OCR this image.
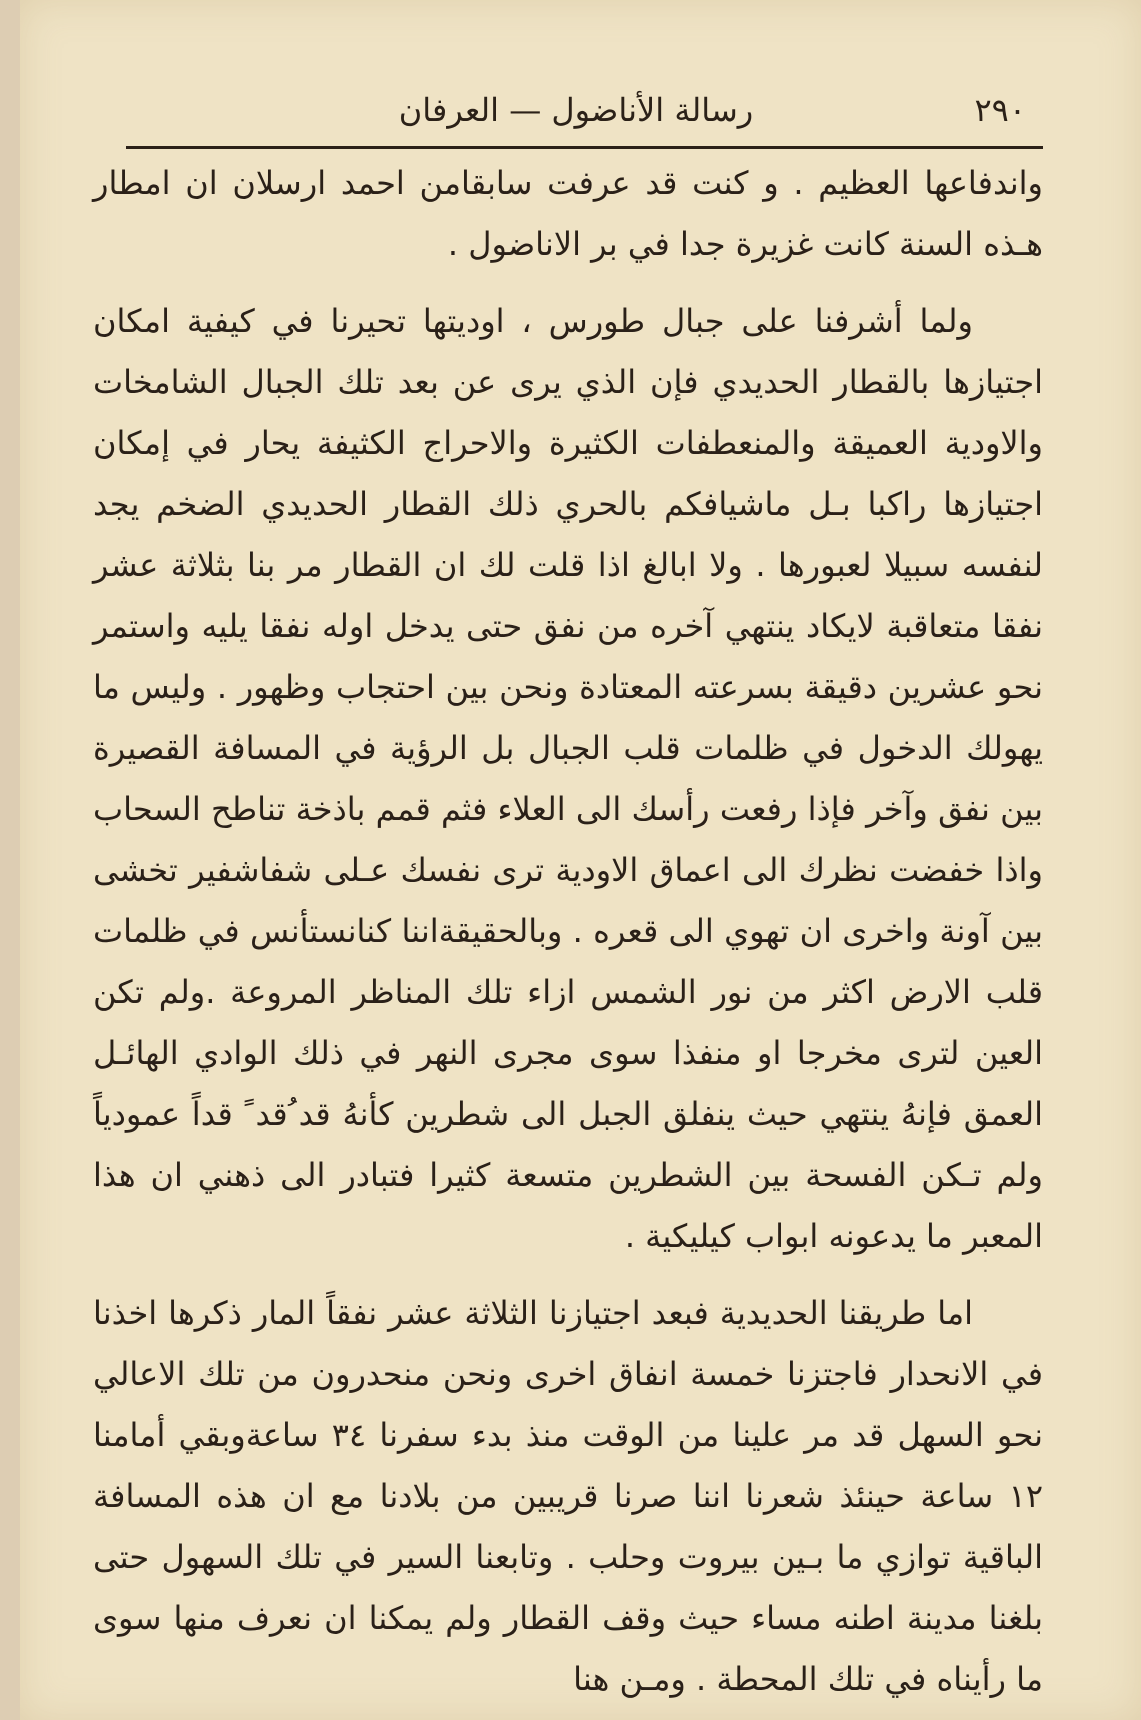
٢٩٠
رسالة الأناضول — العرفان

واندفاعها العظيم . و كنت قد عرفت سابقامن احمد ارسلان ان امطار هـذه السنة كانت غزيرة جدا في بر الاناضول .

ولما أشرفنا على جبال طورس ، اوديتها تحيرنا في كيفية امكان اجتيازها بالقطار الحديدي فإن الذي يرى عن بعد تلك الجبال الشامخات والاودية العميقة والمنعطفات الكثيرة والاحراج الكثيفة يحار في إمكان اجتيازها راكبا بـل ماشيافكم بالحري ذلك القطار الحديدي الضخم يجد لنفسه سبيلا لعبورها . ولا ابالغ اذا قلت لك ان القطار مر بنا بثلاثة عشر نفقا متعاقبة لايكاد ينتهي آخره من نفق حتى يدخل اوله نفقا يليه واستمر نحو عشرين دقيقة بسرعته المعتادة ونحن بين احتجاب وظهور . وليس ما يهولك الدخول في ظلمات قلب الجبال بل الرؤية في المسافة القصيرة بين نفق وآخر فإذا رفعت رأسك الى العلاء فثم قمم باذخة تناطح السحاب واذا خفضت نظرك الى اعماق الاودية ترى نفسك عـلى شفاشفير تخشى بين آونة واخرى ان تهوي الى قعره . وبالحقيقةاننا كنانستأنس في ظلمات قلب الارض اكثر من نور الشمس ازاء تلك المناظر المروعة .ولم تكن العين لترى مخرجا او منفذا سوى مجرى النهر في ذلك الوادي الهائـل العمق فإنهُ ينتهي حيث ينفلق الجبل الى شطرين كأنهُ قد ُقد ً قداً عمودياً ولم تـكن الفسحة بين الشطرين متسعة كثيرا فتبادر الى ذهني ان هذا المعبر ما يدعونه ابواب كيليكية .

اما طريقنا الحديدية فبعد اجتيازنا الثلاثة عشر نفقاً المار ذكرها اخذنا في الانحدار فاجتزنا خمسة انفاق اخرى ونحن منحدرون من تلك الاعالي نحو السهل قد مر علينا من الوقت منذ بدء سفرنا ٣٤ ساعةوبقي أمامنا ١٢ ساعة حينئذ شعرنا اننا صرنا قريبين من بلادنا مع ان هذه المسافة الباقية توازي ما بـين بيروت وحلب . وتابعنا السير في تلك السهول حتى بلغنا مدينة اطنه مساء حيث وقف القطار ولم يمكنا ان نعرف منها سوى ما رأيناه في تلك المحطة . ومـن هنا
